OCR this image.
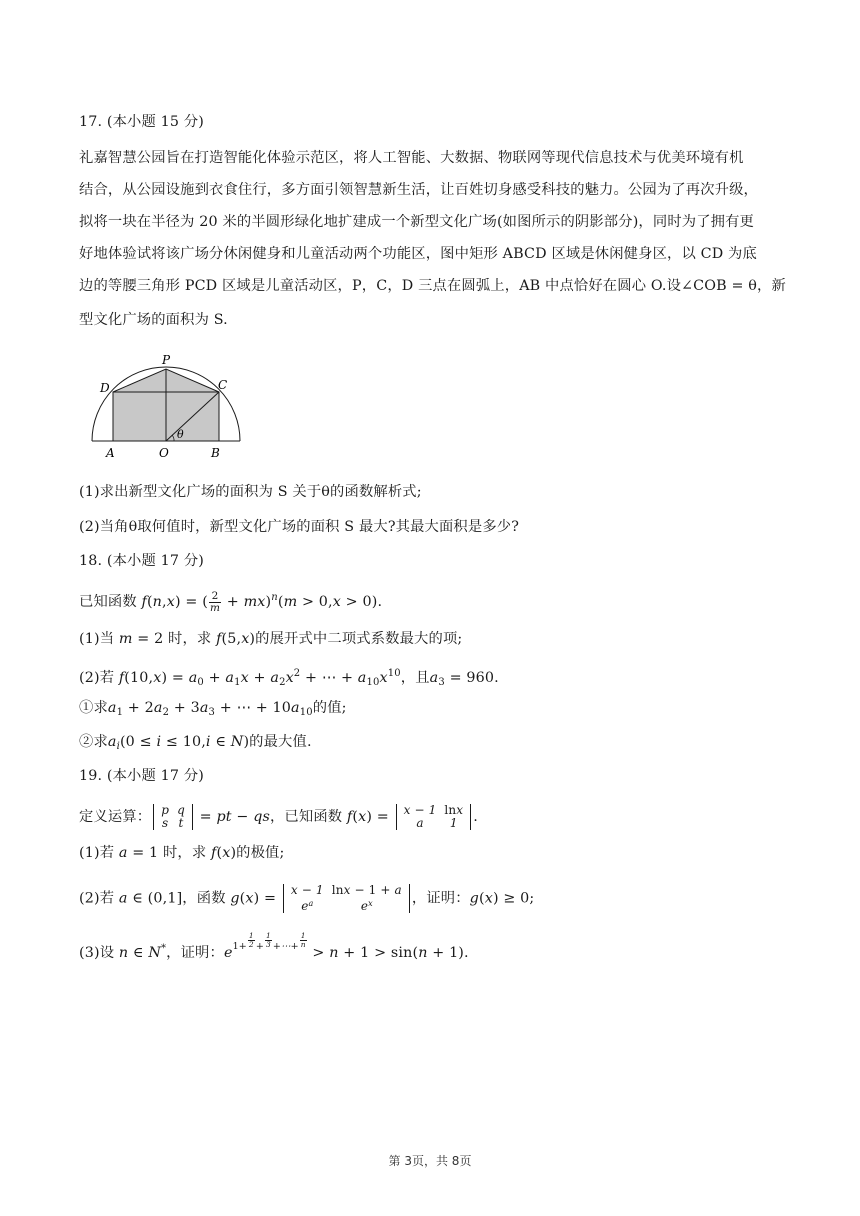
17. (本小题 15 分)
礼嘉智慧公园旨在打造智能化体验示范区，将人工智能、大数据、物联网等现代信息技术与优美环境有机
结合，从公园设施到衣食住行，多方面引领智慧新生活，让百姓切身感受科技的魅力。公园为了再次升级，
拟将一块在半径为 20 米的半圆形绿化地扩建成一个新型文化广场(如图所示的阴影部分)，同时为了拥有更
好地体验试将该广场分休闲健身和儿童活动两个功能区，图中矩形 ABCD 区域是休闲健身区，以 CD 为底
边的等腰三角形 PCD 区域是儿童活动区，P，C，D 三点在圆弧上，AB 中点恰好在圆心 O.设∠COB = θ，新
型文化广场的面积为 S.
P
D	C
θ
A	O	B
(1)求出新型文化广场的面积为 S 关于θ的函数解析式;
(2)当角θ取何值时，新型文化广场的面积 S 最大?其最大面积是多少?
18. (本小题 17 分)
已知函数 f(n,x) = ( $\frac{2}{m} + mx)^n(m > 0,x > 0)$.
(1)当 m = 2 时，求 f(5,x)的展开式中二项式系数最大的项;
(2)若 $f(10,x) = a_0 + a_1x + a_2x^2$ + ⋯ + $a_{10}x^{10}$，且$a_3 = 960$.
①求$a_1 + 2a_2 + 3a_3$ + ⋯ + $10a_{10}$的值;
②求$a_i(0 \le i \le 10,i$ ∈ N)的最大值.
19. (本小题 17 分)
定义运算： p	q
s	t = pt − qs，已知函数 f(x) = x − 1	lnx
a	1 .
(1)若 a = 1 时，求 f(x)的极值;
(2)若 a ∈ (0,1]，函数 g(x) =
x − 1	lnx − 1 + a
$e^a$	$e^x$	，证明：g(x) ≥ 0;
(3)设 n ∈ N*，证明：$e^{1+ \frac{1}{2} + \frac{1}{3} +\cdots+ \frac{1}{n}}$
> n + 1 > sin(n + 1).
第 3页，共 8页
